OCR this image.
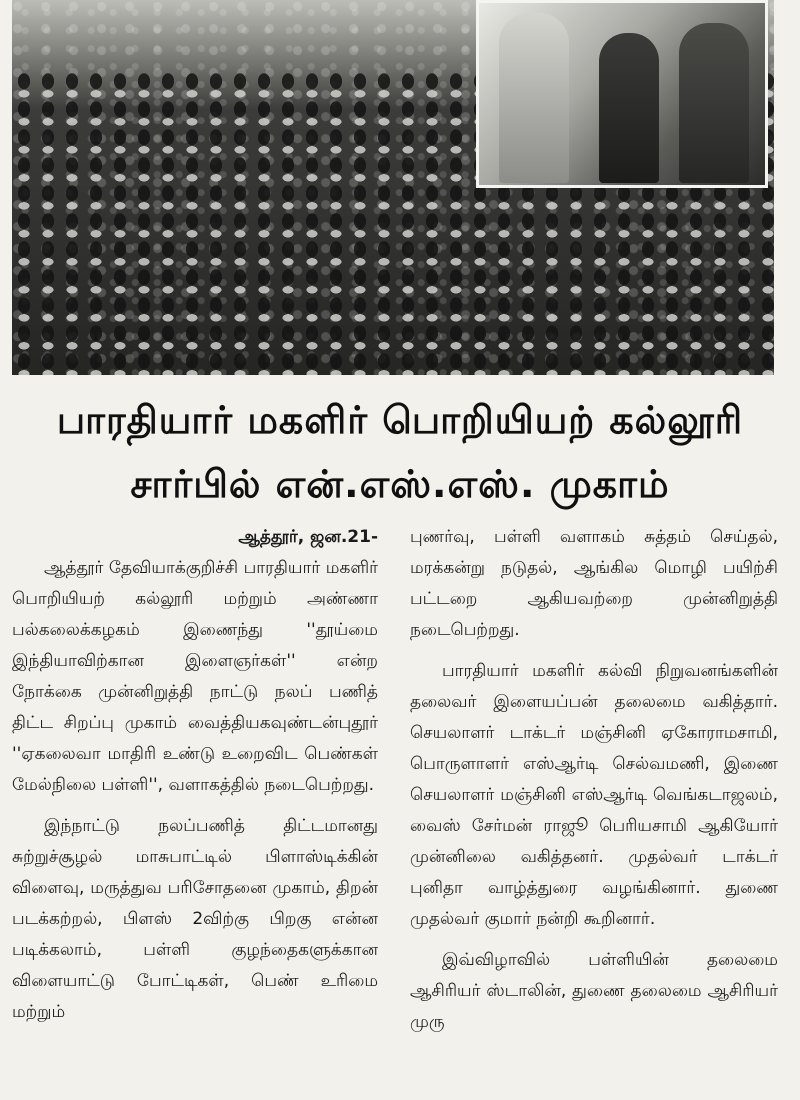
பாரதியார் மகளிர் பொறியியற் கல்லூரி
சார்பில் என்.எஸ்.எஸ். முகாம்
ஆத்தூர், ஜன.21-

ஆத்தூர் தேவியாக்குறிச்சி பாரதியார் மகளிர் பொறியியற் கல்லூரி மற்றும் அண்ணா பல்கலைக்கழகம் இணைந்து ''தூய்மை இந்தியாவிற்கான இளைஞர்கள்'' என்ற நோக்கை முன்னிறுத்தி நாட்டு நலப் பணித் திட்ட சிறப்பு முகாம் வைத்தியகவுண்டன்புதூர் ''ஏகலைவா மாதிரி உண்டு உறைவிட பெண்கள் மேல்நிலை பள்ளி'', வளாகத்தில் நடைபெற்றது.

இந்நாட்டு நலப்பணித் திட்டமானது சுற்றுச்சூழல் மாசுபாட்டில் பிளாஸ்டிக்கின் விளைவு, மருத்துவ பரிசோதனை முகாம், திறன் படக்கற்றல், பிளஸ் 2விற்கு பிறகு என்ன படிக்கலாம், பள்ளி குழந்தைகளுக்கான விளையாட்டு போட்டிகள், பெண் உரிமை மற்றும்

புணர்வு, பள்ளி வளாகம் சுத்தம் செய்தல், மரக்கன்று நடுதல், ஆங்கில மொழி பயிற்சி பட்டறை ஆகியவற்றை முன்னிறுத்தி நடைபெற்றது.

பாரதியார் மகளிர் கல்வி நிறுவனங்களின் தலைவர் இளையப்பன் தலைமை வகித்தார். செயலாளர் டாக்டர் மஞ்சினி ஏகோராமசாமி, பொருளாளர் எஸ்ஆர்டி செல்வமணி, இணை செயலாளர் மஞ்சினி எஸ்ஆர்டி வெங்கடாஜலம், வைஸ் சேர்மன் ராஜூ பெரியசாமி ஆகியோர் முன்னிலை வகித்தனர். முதல்வர் டாக்டர் புனிதா வாழ்த்துரை வழங்கினார். துணை முதல்வர் குமார் நன்றி கூறினார்.

இவ்விழாவில் பள்ளியின் தலைமை ஆசிரியர் ஸ்டாலின், துணை தலைமை ஆசிரியர் முரு
